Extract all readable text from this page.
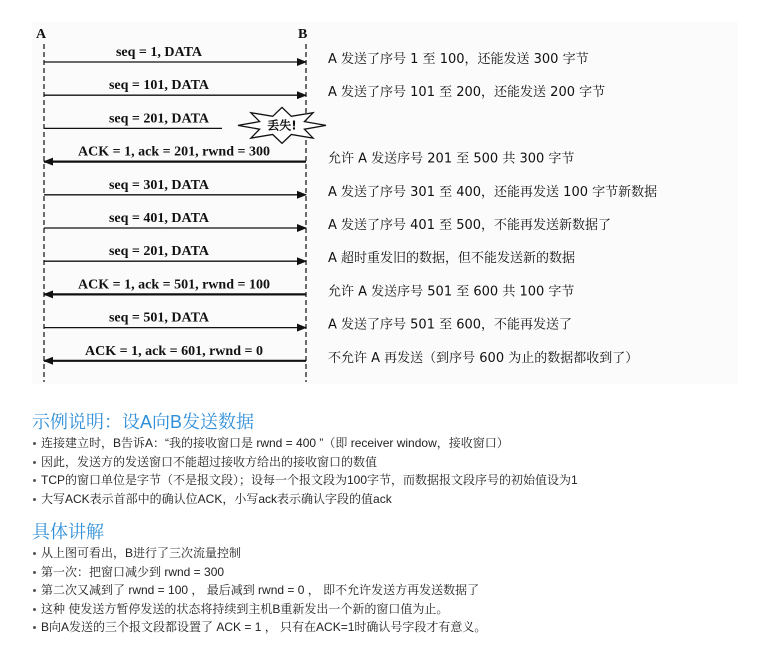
A	B
seq = 1, DATA	A 发送了序号 1 至 100，还能发送 300 字节
seq = 101, DATA	A 发送了序号 101 至 200，还能发送 200 字节
seq = 201, DATA	丢失!
ACK = 1, ack = 201, rwnd = 300	允许 A 发送序号 201 至 500 共 300 字节
seq = 301, DATA	A 发送了序号 301 至 400，还能再发送 100 字节新数据
seq = 401, DATA	A 发送了序号 401 至 500，不能再发送新数据了
seq = 201, DATA	A 超时重发旧的数据，但不能发送新的数据
ACK = 1, ack = 501, rwnd = 100	允许 A 发送序号 501 至 600 共 100 字节
seq = 501, DATA	A 发送了序号 501 至 600，不能再发送了
ACK = 1, ack = 601, rwnd = 0	不允许 A 再发送（到序号 600 为止的数据都收到了）
示例说明：设A向B发送数据
连接建立时，B告诉A：“我的接收窗口是 rwnd = 400 ”（即 receiver window，接收窗口）
因此，发送方的发送窗口不能超过接收方给出的接收窗口的数值
TCP的窗口单位是字节（不是报文段）；设每一个报文段为100字节，而数据报文段序号的初始值设为1
大写ACK表示首部中的确认位ACK，小写ack表示确认字段的值ack
具体讲解
从上图可看出，B进行了三次流量控制
第一次：把窗口减少到 rwnd = 300
第二次又减到了 rwnd = 100 ， 最后减到 rwnd = 0 ， 即不允许发送方再发送数据了
这种 使发送方暂停发送的状态将持续到主机B重新发出一个新的窗口值为止。
B向A发送的三个报文段都设置了 ACK = 1 ， 只有在ACK=1时确认号字段才有意义。
